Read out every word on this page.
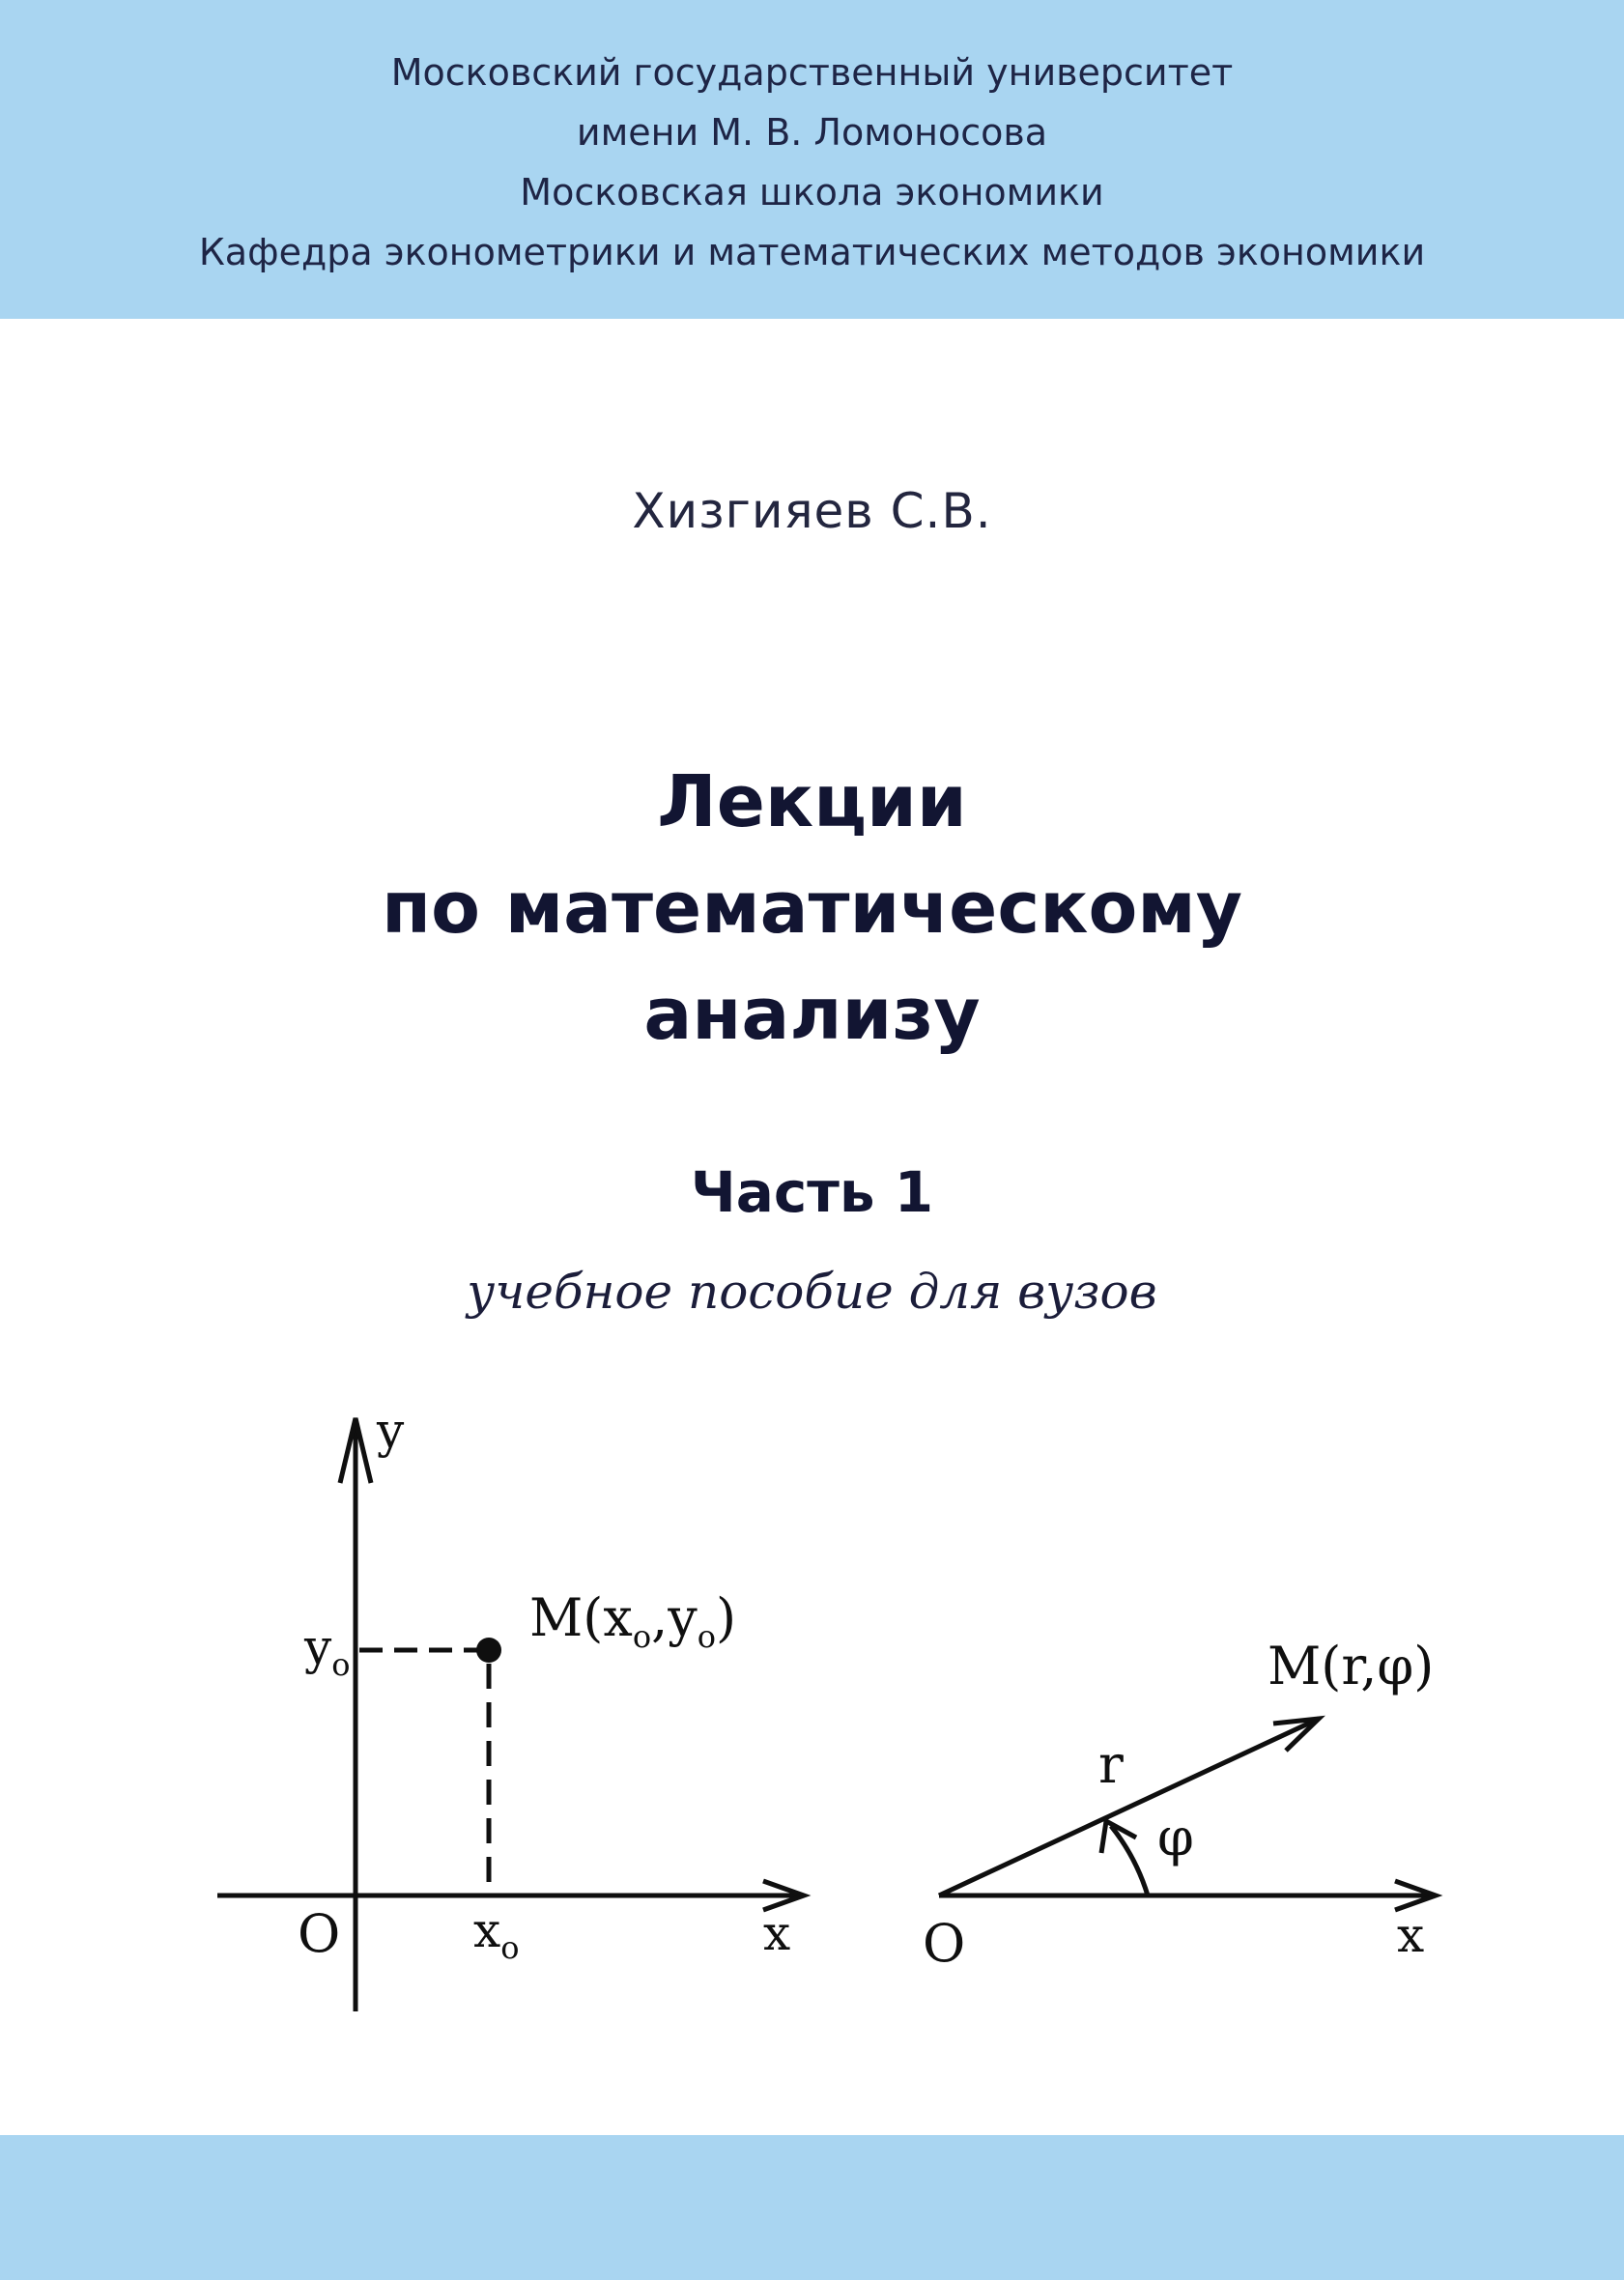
Московский государственный университет
имени М. В. Ломоносова
Московская школа экономики
Кафедра эконометрики и математических методов экономики
Хизгияев С.В.
Лекции
по математическому
анализу
Часть 1
учебное пособие для вузов
y
O	x
$x_o$
$y_o$
$M(x_o,y_o)$
M(r,φ)
r
φ
O	x
